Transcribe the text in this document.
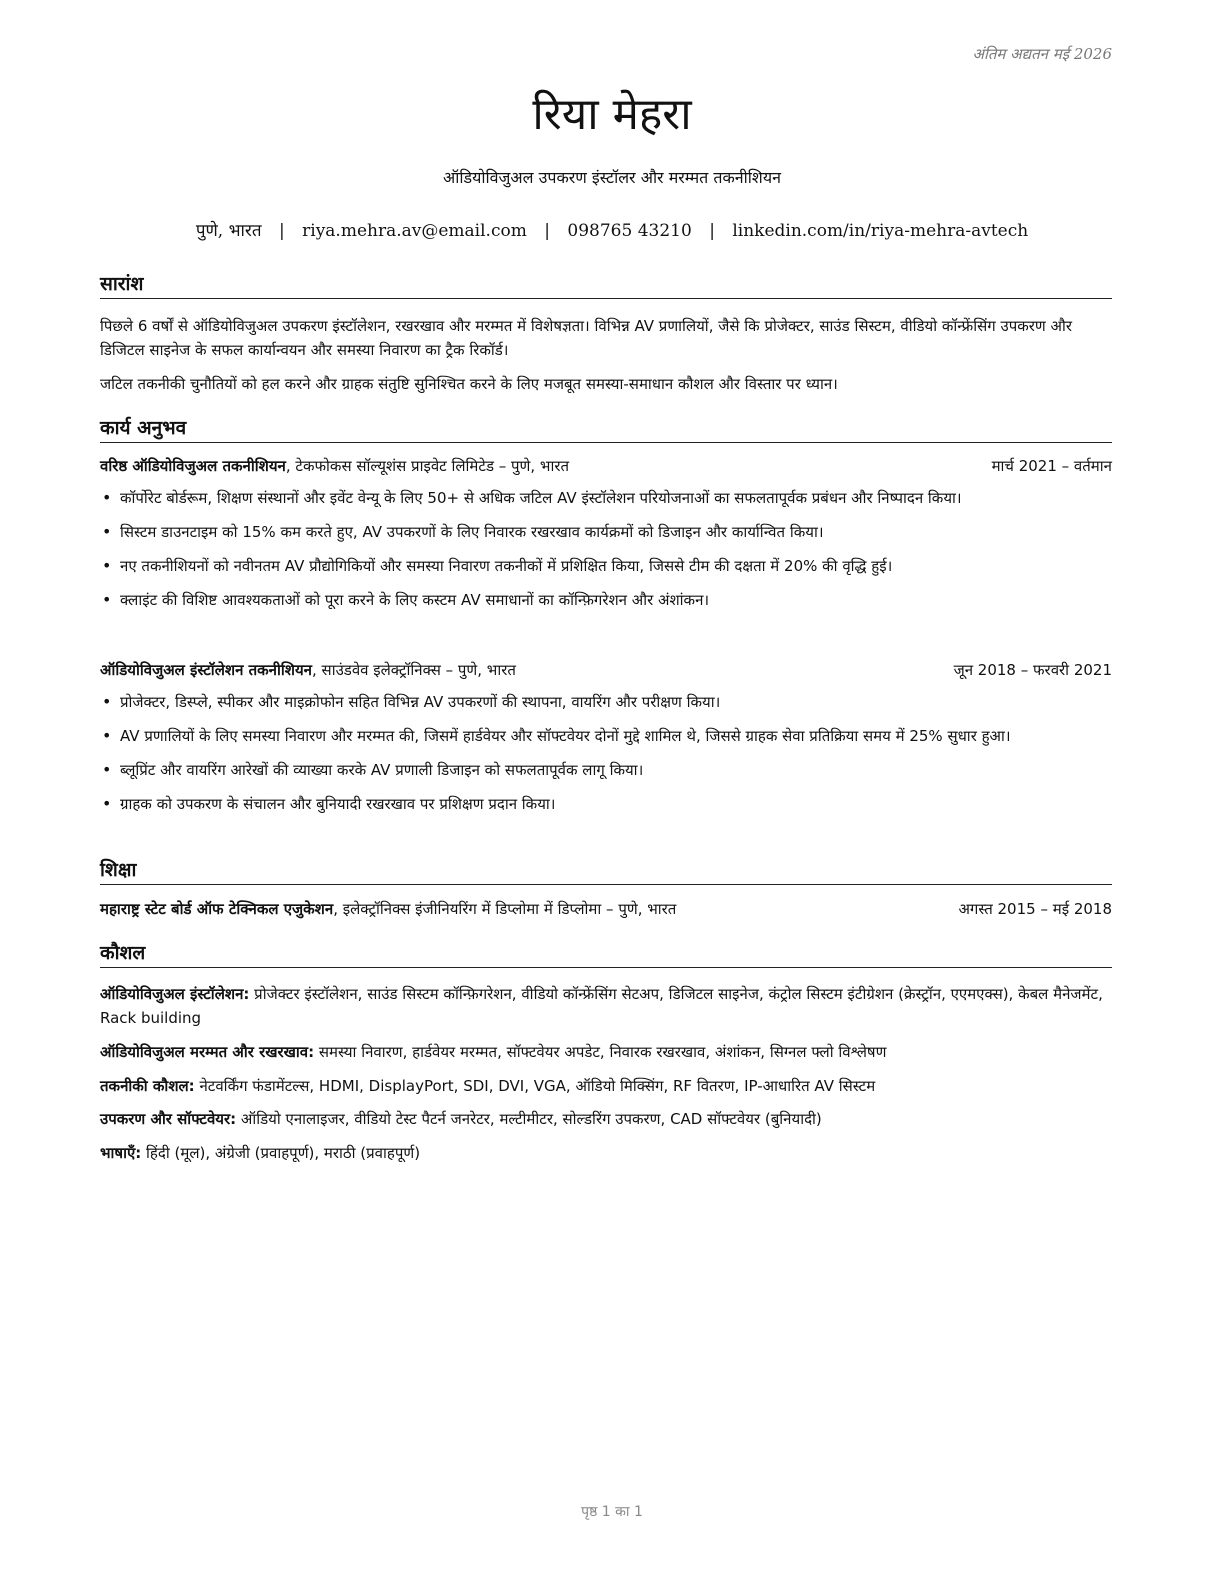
अंतिम अद्यतन मई 2026
रिया मेहरा
ऑडियोविजुअल उपकरण इंस्टॉलर और मरम्मत तकनीशियन
पुणे, भारत | riya.mehra.av@email.com | 098765 43210 | linkedin.com/in/riya-mehra-avtech
सारांश

पिछले 6 वर्षों से ऑडियोविजुअल उपकरण इंस्टॉलेशन, रखरखाव और मरम्मत में विशेषज्ञता। विभिन्न AV प्रणालियों, जैसे कि प्रोजेक्टर, साउंड सिस्टम, वीडियो कॉन्फ्रेंसिंग उपकरण और डिजिटल साइनेज के सफल कार्यान्वयन और समस्या निवारण का ट्रैक रिकॉर्ड।

जटिल तकनीकी चुनौतियों को हल करने और ग्राहक संतुष्टि सुनिश्चित करने के लिए मजबूत समस्या-समाधान कौशल और विस्तार पर ध्यान।

कार्य अनुभव
वरिष्ठ ऑडियोविजुअल तकनीशियन, टेकफोकस सॉल्यूशंस प्राइवेट लिमिटेड – पुणे, भारत	मार्च 2021 – वर्तमान
• कॉर्पोरेट बोर्डरूम, शिक्षण संस्थानों और इवेंट वेन्यू के लिए 50+ से अधिक जटिल AV इंस्टॉलेशन परियोजनाओं का सफलतापूर्वक प्रबंधन और निष्पादन किया।
• सिस्टम डाउनटाइम को 15% कम करते हुए, AV उपकरणों के लिए निवारक रखरखाव कार्यक्रमों को डिजाइन और कार्यान्वित किया।
• नए तकनीशियनों को नवीनतम AV प्रौद्योगिकियों और समस्या निवारण तकनीकों में प्रशिक्षित किया, जिससे टीम की दक्षता में 20% की वृद्धि हुई।
• क्लाइंट की विशिष्ट आवश्यकताओं को पूरा करने के लिए कस्टम AV समाधानों का कॉन्फ़िगरेशन और अंशांकन।
ऑडियोविजुअल इंस्टॉलेशन तकनीशियन, साउंडवेव इलेक्ट्रॉनिक्स – पुणे, भारत	जून 2018 – फरवरी 2021
• प्रोजेक्टर, डिस्प्ले, स्पीकर और माइक्रोफोन सहित विभिन्न AV उपकरणों की स्थापना, वायरिंग और परीक्षण किया।
• AV प्रणालियों के लिए समस्या निवारण और मरम्मत की, जिसमें हार्डवेयर और सॉफ्टवेयर दोनों मुद्दे शामिल थे, जिससे ग्राहक सेवा प्रतिक्रिया समय में 25% सुधार हुआ।
• ब्लूप्रिंट और वायरिंग आरेखों की व्याख्या करके AV प्रणाली डिजाइन को सफलतापूर्वक लागू किया।
• ग्राहक को उपकरण के संचालन और बुनियादी रखरखाव पर प्रशिक्षण प्रदान किया।
शिक्षा
महाराष्ट्र स्टेट बोर्ड ऑफ टेक्निकल एजुकेशन, इलेक्ट्रॉनिक्स इंजीनियरिंग में डिप्लोमा में डिप्लोमा – पुणे, भारत	अगस्त 2015 – मई 2018
कौशल
ऑडियोविजुअल इंस्टॉलेशन: प्रोजेक्टर इंस्टॉलेशन, साउंड सिस्टम कॉन्फ़िगरेशन, वीडियो कॉन्फ्रेंसिंग सेटअप, डिजिटल साइनेज, कंट्रोल सिस्टम इंटीग्रेशन (क्रेस्ट्रॉन, एएमएक्स), केबल मैनेजमेंट, Rack building
ऑडियोविजुअल मरम्मत और रखरखाव: समस्या निवारण, हार्डवेयर मरम्मत, सॉफ्टवेयर अपडेट, निवारक रखरखाव, अंशांकन, सिग्नल फ्लो विश्लेषण
तकनीकी कौशल: नेटवर्किंग फंडामेंटल्स, HDMI, DisplayPort, SDI, DVI, VGA, ऑडियो मिक्सिंग, RF वितरण, IP-आधारित AV सिस्टम
उपकरण और सॉफ्टवेयर: ऑडियो एनालाइजर, वीडियो टेस्ट पैटर्न जनरेटर, मल्टीमीटर, सोल्डरिंग उपकरण, CAD सॉफ्टवेयर (बुनियादी)
भाषाएँ: हिंदी (मूल), अंग्रेजी (प्रवाहपूर्ण), मराठी (प्रवाहपूर्ण)
पृष्ठ 1 का 1
